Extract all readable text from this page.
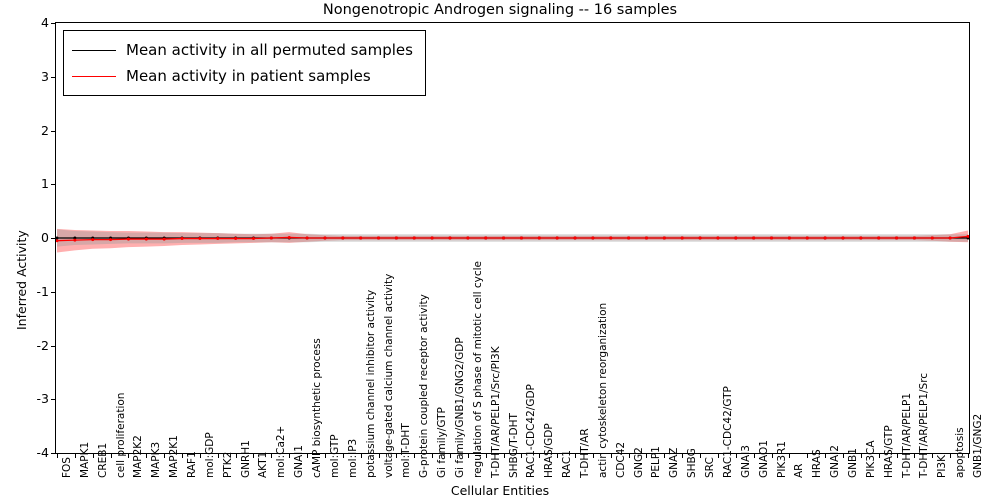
Nongenotropic Androgen signaling -- 16 samples
Inferred Activity
-4
-3
-2
-1
0
1
2
3
4
FOS MAPK1 CREB1 cell proliferation MAP2K2 MAPK3 MAP2K1 RAF1 mol:GDP PTK2 GNRH1 AKT1 mol:Ca2+ GNAI1 cAMP biosynthetic process mol:GTP mol:IP3 potassium channel inhibitor activity voltage-gated calcium channel activity mol:T-DHT G-protein coupled receptor activity Gi family/GTP Gi family/GNB1/GNG2/GDP regulation of S phase of mitotic cell cycle T-DHT/AR/PELP1/Src/PI3K SHBG/T-DHT RAC1-CDC42/GDP HRAS/GDP RAC1 T-DHT/AR actin cytoskeleton reorganization CDC42 GNG2 PELP1 GNAZ SHBG SRC RAC1-CDC42/GTP GNAI3 GNAO1 PIK3R1 AR HRAS GNAI2 GNB1 PIK3CA HRAS/GTP T-DHT/AR/PELP1 T-DHT/AR/PELP1/Src PI3K apoptosis GNB1/GNG2
Cellular Entities
Mean activity in all permuted samples
Mean activity in patient samples
